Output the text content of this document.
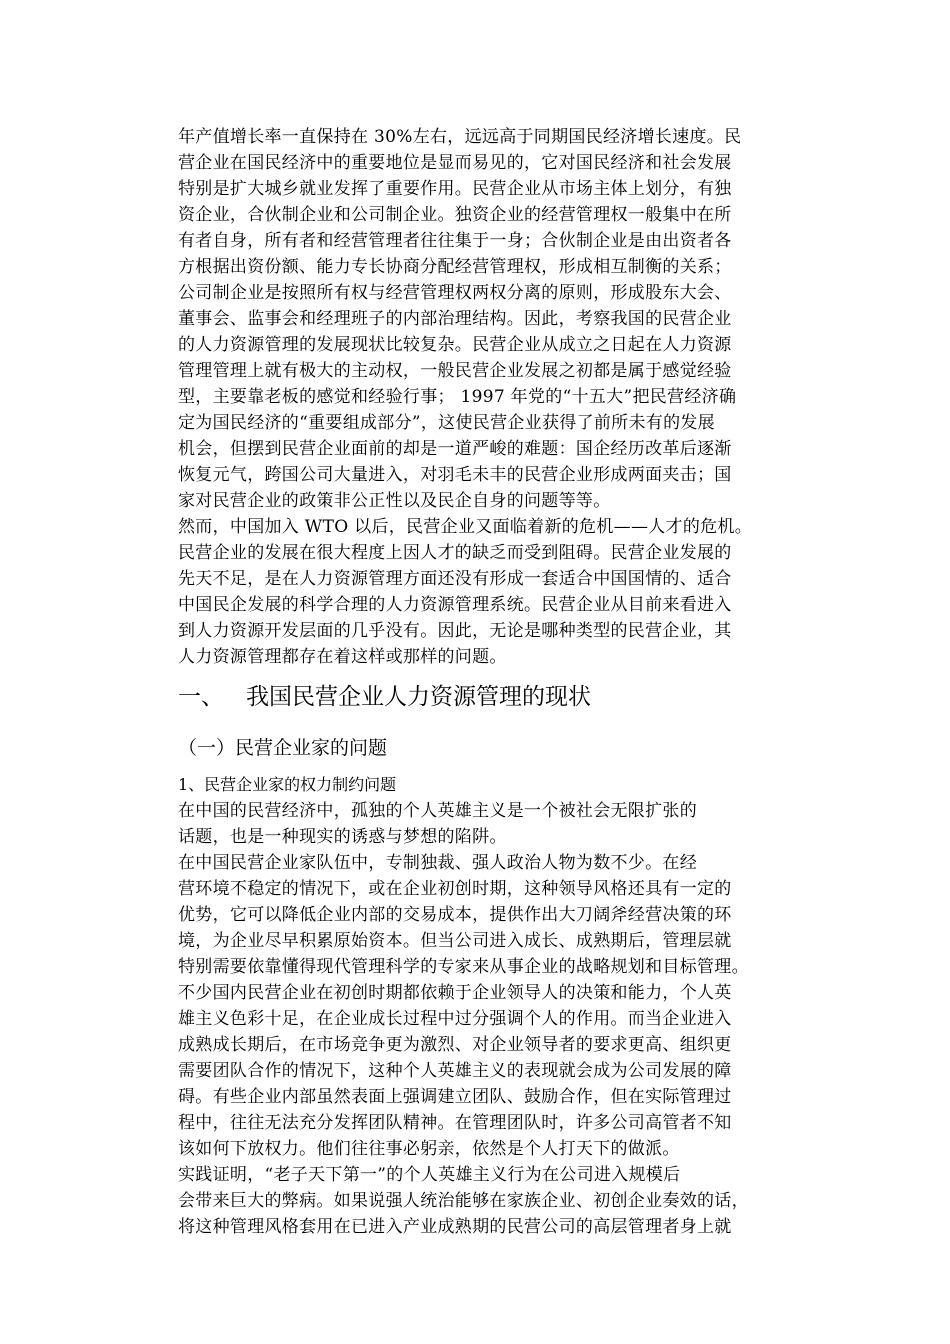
年产值增长率一直保持在 30%左右，远远高于同期国民经济增长速度。民
营企业在国民经济中的重要地位是显而易见的，它对国民经济和社会发展
特别是扩大城乡就业发挥了重要作用。民营企业从市场主体上划分，有独
资企业，合伙制企业和公司制企业。独资企业的经营管理权一般集中在所
有者自身，所有者和经营管理者往往集于一身；合伙制企业是由出资者各
方根据出资份额、能力专长协商分配经营管理权，形成相互制衡的关系；
公司制企业是按照所有权与经营管理权两权分离的原则，形成股东大会、
董事会、监事会和经理班子的内部治理结构。因此，考察我国的民营企业
的人力资源管理的发展现状比较复杂。民营企业从成立之日起在人力资源
管理管理上就有极大的主动权，一般民营企业发展之初都是属于感觉经验
型，主要靠老板的感觉和经验行事； 1997 年党的“十五大”把民营经济确
定为国民经济的“重要组成部分”，这使民营企业获得了前所未有的发展
机会，但摆到民营企业面前的却是一道严峻的难题：国企经历改革后逐渐
恢复元气，跨国公司大量进入，对羽毛未丰的民营企业形成两面夹击；国
家对民营企业的政策非公正性以及民企自身的问题等等。
然而，中国加入 WTO 以后，民营企业又面临着新的危机——人才的危机。
民营企业的发展在很大程度上因人才的缺乏而受到阻碍。民营企业发展的
先天不足，是在人力资源管理方面还没有形成一套适合中国国情的、适合
中国民企发展的科学合理的人力资源管理系统。民营企业从目前来看进入
到人力资源开发层面的几乎没有。因此，无论是哪种类型的民营企业，其
人力资源管理都存在着这样或那样的问题。
一、 我国民营企业人力资源管理的现状
（一）民营企业家的问题
1、民营企业家的权力制约问题
在中国的民营经济中，孤独的个人英雄主义是一个被社会无限扩张的
话题，也是一种现实的诱惑与梦想的陷阱。
在中国民营企业家队伍中，专制独裁、强人政治人物为数不少。在经
营环境不稳定的情况下，或在企业初创时期，这种领导风格还具有一定的
优势，它可以降低企业内部的交易成本，提供作出大刀阔斧经营决策的环
境，为企业尽早积累原始资本。但当公司进入成长、成熟期后，管理层就
特别需要依靠懂得现代管理科学的专家来从事企业的战略规划和目标管理。
不少国内民营企业在初创时期都依赖于企业领导人的决策和能力，个人英
雄主义色彩十足，在企业成长过程中过分强调个人的作用。而当企业进入
成熟成长期后，在市场竞争更为激烈、对企业领导者的要求更高、组织更
需要团队合作的情况下，这种个人英雄主义的表现就会成为公司发展的障
碍。有些企业内部虽然表面上强调建立团队、鼓励合作，但在实际管理过
程中，往往无法充分发挥团队精神。在管理团队时，许多公司高管者不知
该如何下放权力。他们往往事必躬亲，依然是个人打天下的做派。
实践证明，“老子天下第一”的个人英雄主义行为在公司进入规模后
会带来巨大的弊病。如果说强人统治能够在家族企业、初创企业奏效的话，
将这种管理风格套用在已进入产业成熟期的民营公司的高层管理者身上就
